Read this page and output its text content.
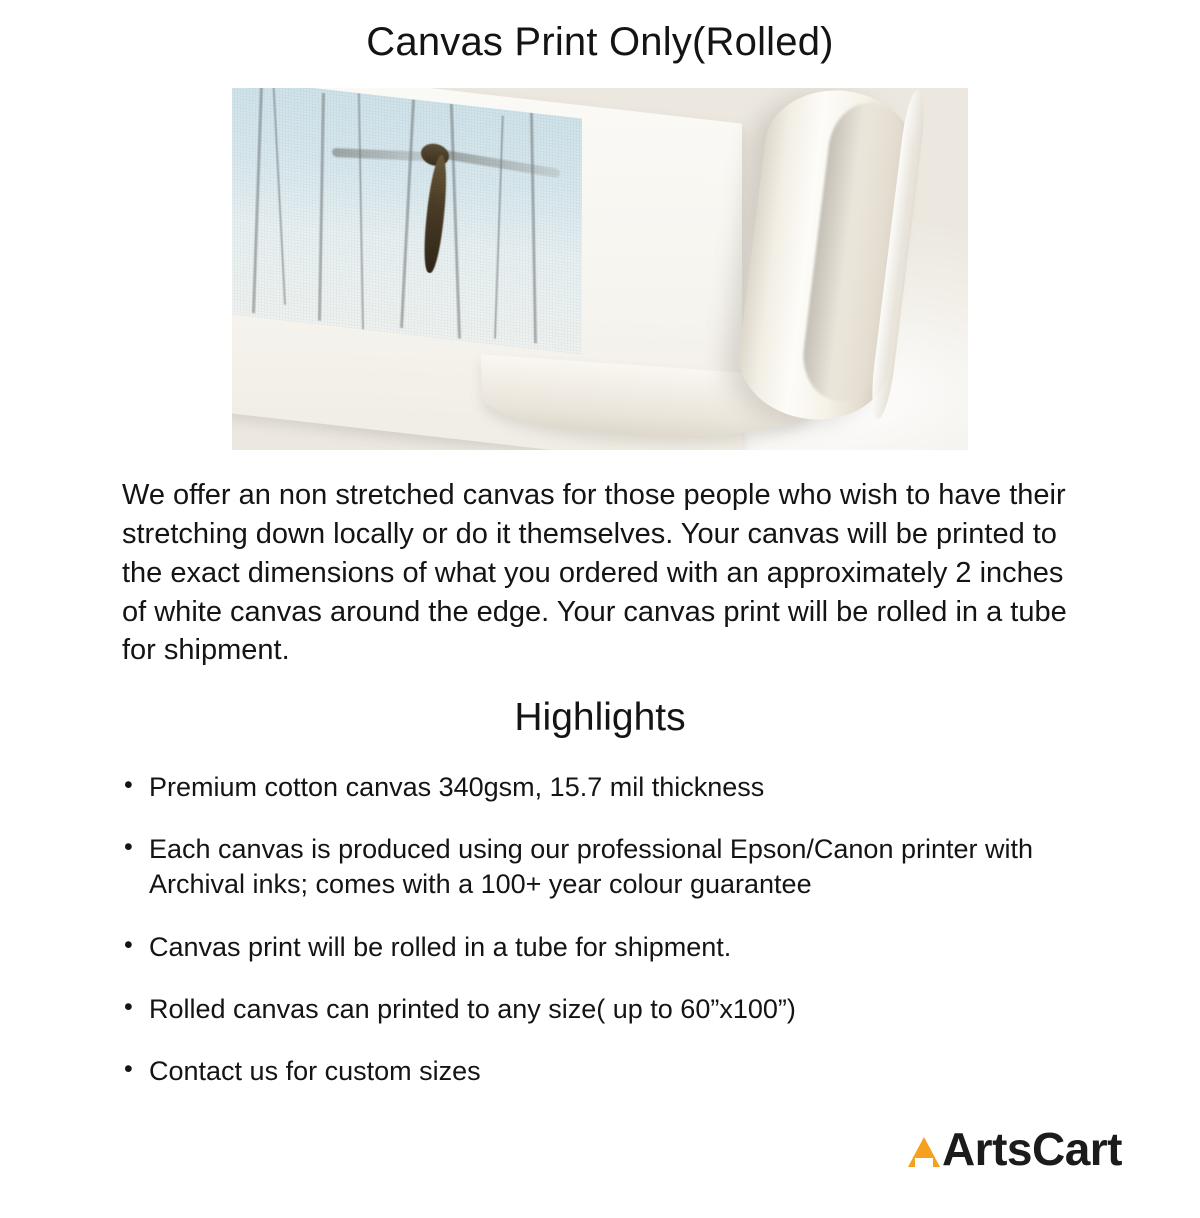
Canvas Print Only(Rolled)

We offer an non stretched canvas for those people who wish to have their stretching down locally or do it themselves. Your canvas will be printed to the exact dimensions of what you ordered with an approximately 2 inches of white canvas around the edge. Your canvas print will be rolled in a tube for shipment.

Highlights
• Premium cotton canvas 340gsm, 15.7 mil thickness
• Each canvas is produced using our professional Epson/Canon printer with Archival inks; comes with a 100+ year colour guarantee
• Canvas print will be rolled in a tube for shipment.
• Rolled canvas can printed to any size( up to 60”x100”)
• Contact us for custom sizes
ArtsCart
